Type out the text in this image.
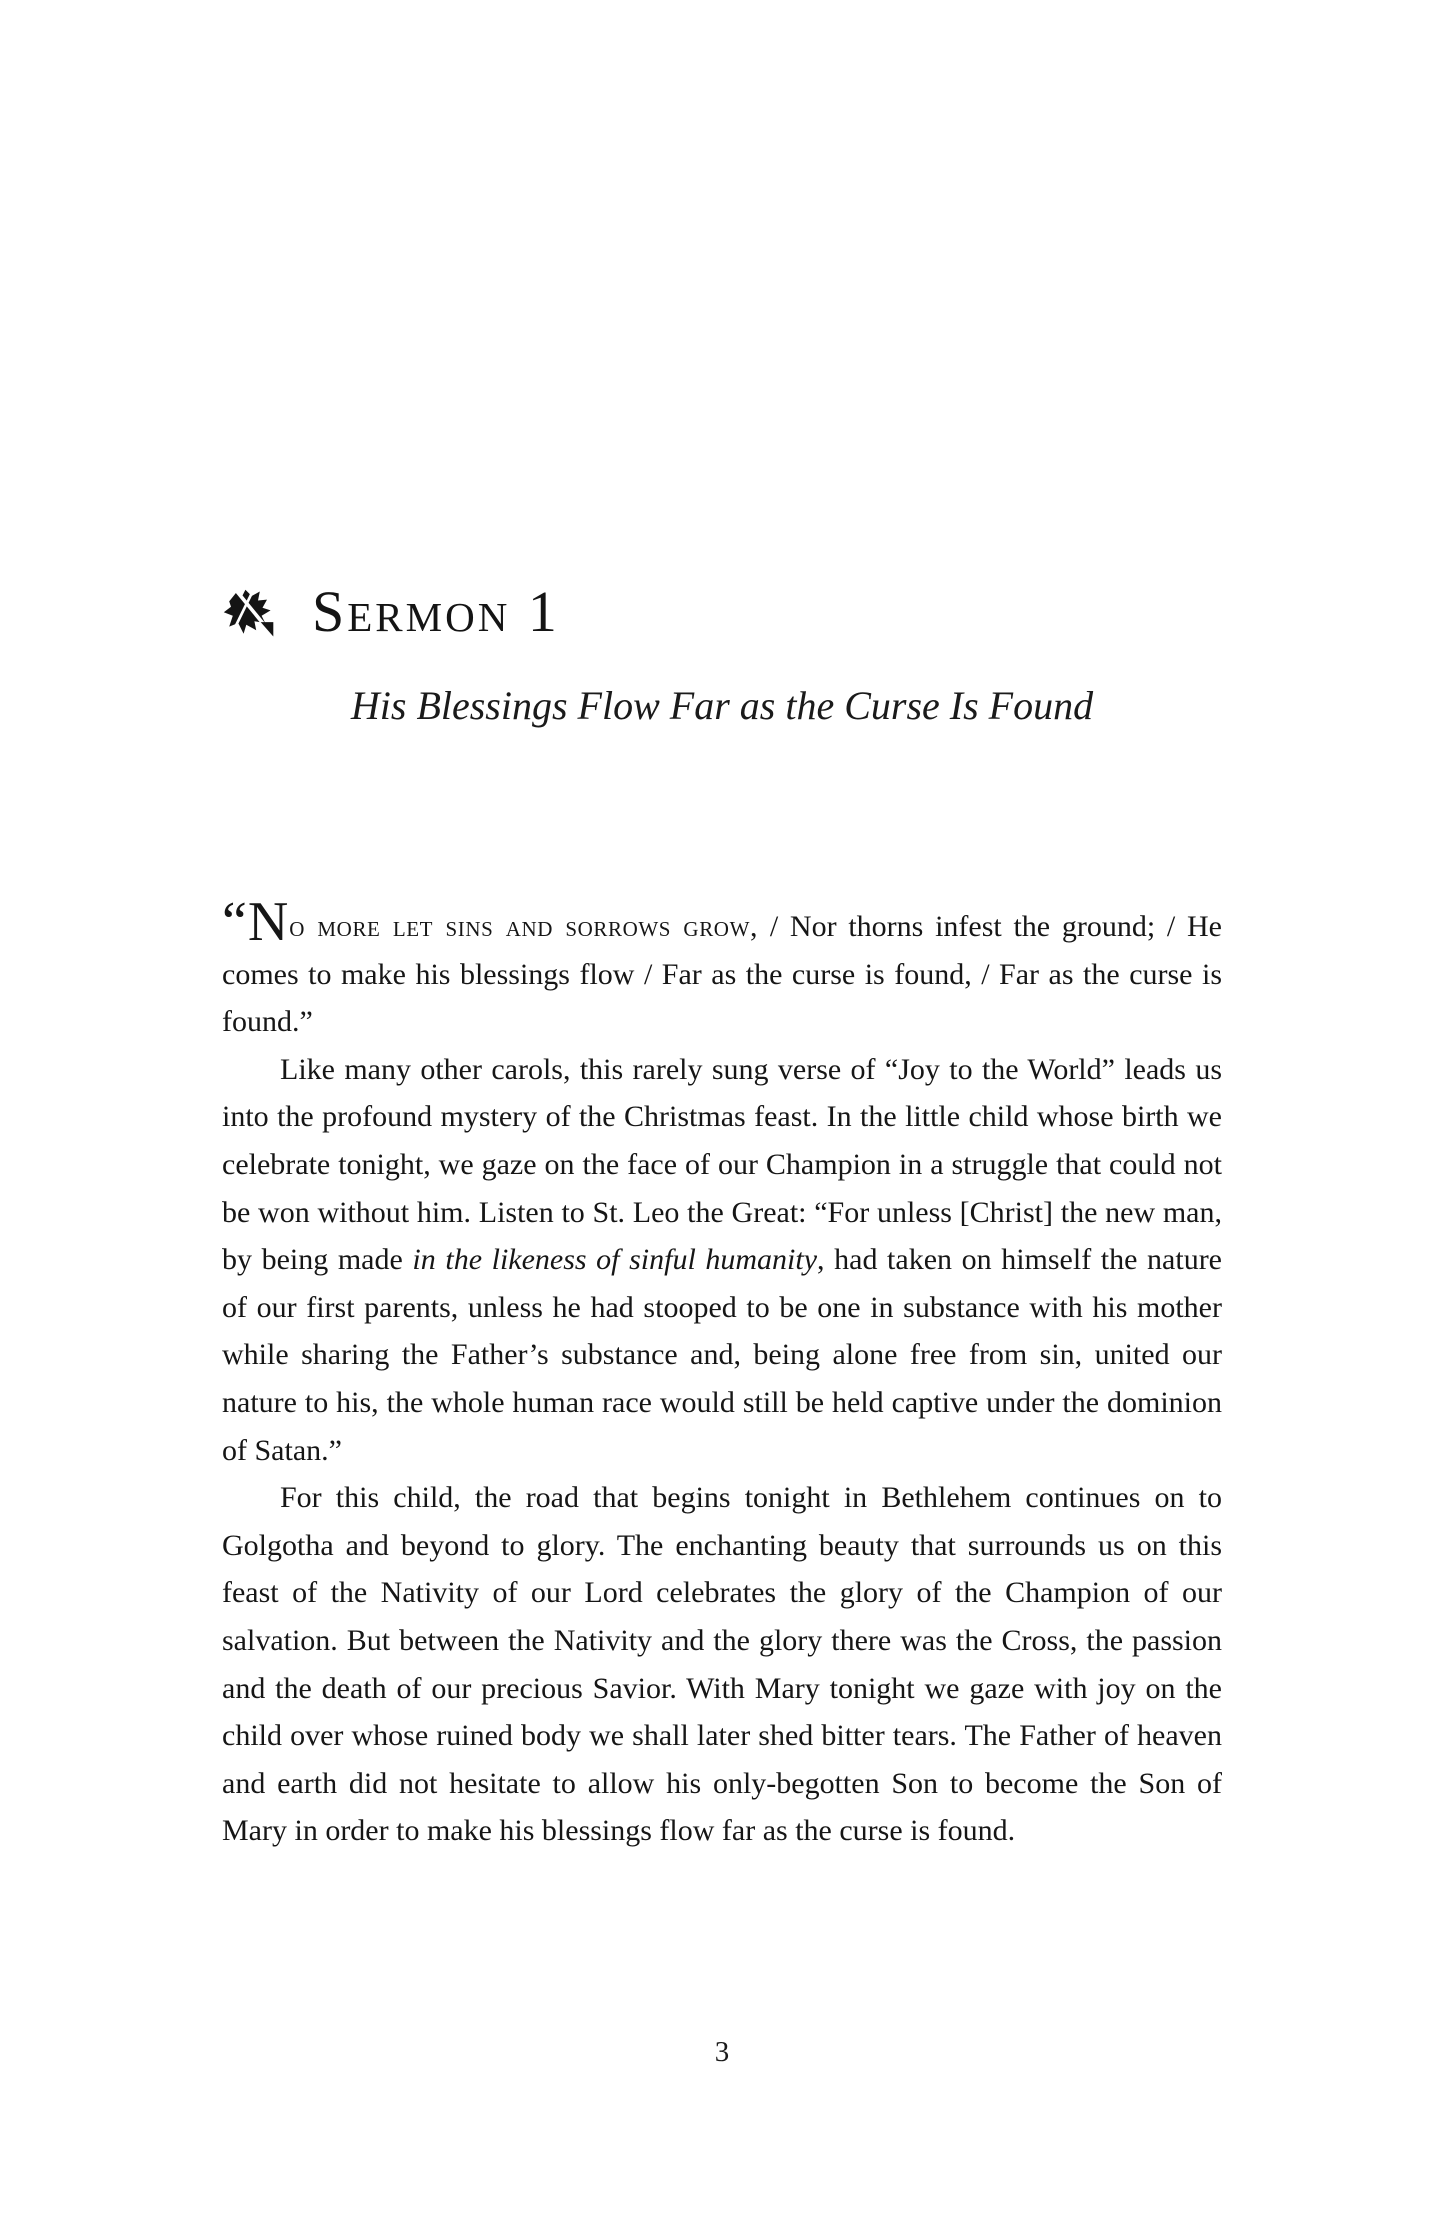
Sermon 1
His Blessings Flow Far as the Curse Is Found

“No more let sins and sorrows grow, / Nor thorns infest the ground; / He comes to make his blessings flow / Far as the curse is found, / Far as the curse is found.”

Like many other carols, this rarely sung verse of “Joy to the World” leads us into the profound mystery of the Christmas feast. In the little child whose birth we celebrate tonight, we gaze on the face of our Champion in a struggle that could not be won without him. Listen to St. Leo the Great: “For unless [Christ] the new man, by being made in the likeness of sinful humanity, had taken on himself the nature of our first parents, unless he had stooped to be one in substance with his mother while sharing the Father’s substance and, being alone free from sin, united our nature to his, the whole human race would still be held captive under the dominion of Satan.”

For this child, the road that begins tonight in Bethlehem continues on to Golgotha and beyond to glory. The enchanting beauty that surrounds us on this feast of the Nativity of our Lord celebrates the glory of the Champion of our salvation. But between the Nativity and the glory there was the Cross, the passion and the death of our precious Savior. With Mary tonight we gaze with joy on the child over whose ruined body we shall later shed bitter tears. The Father of heaven and earth did not hesitate to allow his only-begotten Son to become the Son of Mary in order to make his blessings flow far as the curse is found.

3
